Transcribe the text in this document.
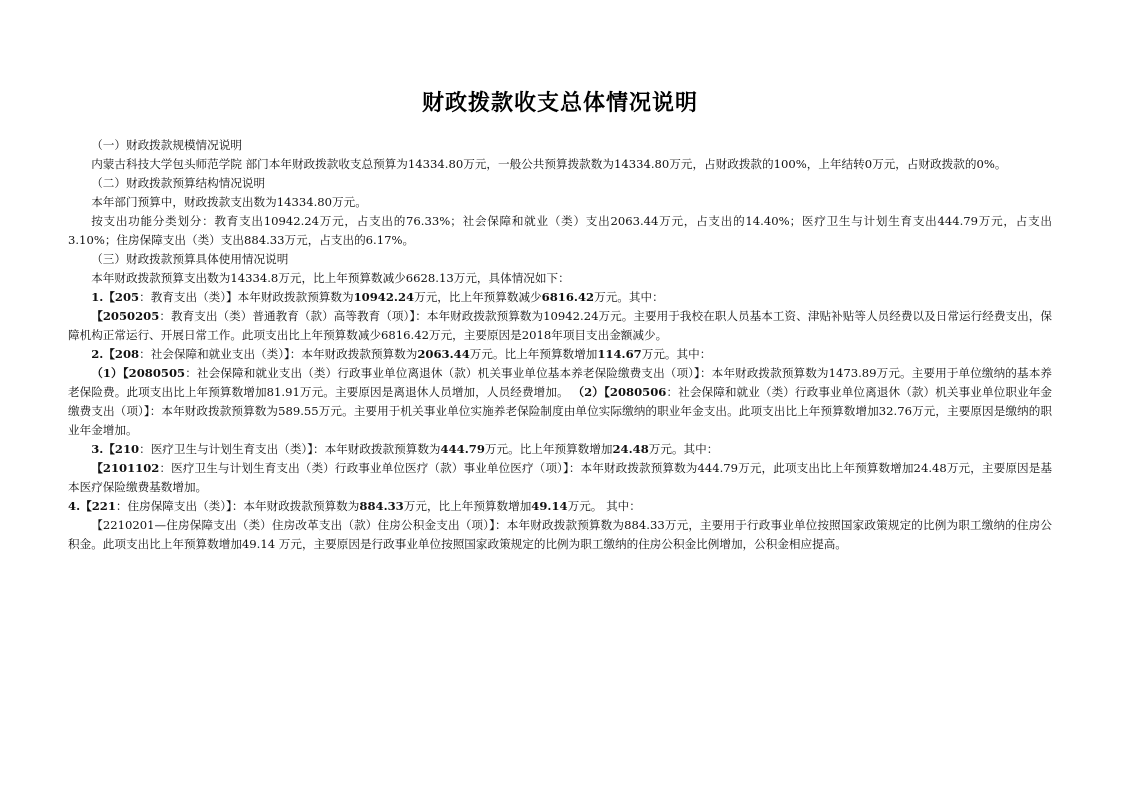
财政拨款收支总体情况说明

（一）财政拨款规模情况说明

内蒙古科技大学包头师范学院 部门本年财政拨款收支总预算为14334.80万元，一般公共预算拨款数为14334.80万元，占财政拨款的100%，上年结转0万元，占财政拨款的0%。

（二）财政拨款预算结构情况说明

本年部门预算中，财政拨款支出数为14334.80万元。

按支出功能分类划分：教育支出10942.24万元，占支出的76.33%；社会保障和就业（类）支出2063.44万元，占支出的14.40%；医疗卫生与计划生育支出444.79万元，占支出3.10%；住房保障支出（类）支出884.33万元，占支出的6.17%。

（三）财政拨款预算具体使用情况说明

本年财政拨款预算支出数为14334.8万元，比上年预算数减少6628.13万元，具体情况如下：

1.【205：教育支出（类）】本年财政拨款预算数为10942.24万元，比上年预算数减少6816.42万元。其中：

【2050205：教育支出（类）普通教育（款）高等教育（项）】：本年财政拨款预算数为10942.24万元。主要用于我校在职人员基本工资、津贴补贴等人员经费以及日常运行经费支出，保障机构正常运行、开展日常工作。此项支出比上年预算数减少6816.42万元，主要原因是2018年项目支出金额减少。

2.【208：社会保障和就业支出（类）】：本年财政拨款预算数为2063.44万元。比上年预算数增加114.67万元。其中：

（1）【2080505：社会保障和就业支出（类）行政事业单位离退休（款）机关事业单位基本养老保险缴费支出（项）】：本年财政拨款预算数为1473.89万元。主要用于单位缴纳的基本养老保险费。此项支出比上年预算数增加81.91万元。主要原因是离退休人员增加，人员经费增加。 （2）【2080506：社会保障和就业（类）行政事业单位离退休（款）机关事业单位职业年金缴费支出（项）】：本年财政拨款预算数为589.55万元。主要用于机关事业单位实施养老保险制度由单位实际缴纳的职业年金支出。此项支出比上年预算数增加32.76万元，主要原因是缴纳的职业年金增加。

3.【210：医疗卫生与计划生育支出（类）】：本年财政拨款预算数为444.79万元。比上年预算数增加24.48万元。其中：

【2101102：医疗卫生与计划生育支出（类）行政事业单位医疗（款）事业单位医疗（项）】：本年财政拨款预算数为444.79万元，此项支出比上年预算数增加24.48万元，主要原因是基本医疗保险缴费基数增加。

4.【221：住房保障支出（类）】：本年财政拨款预算数为884.33万元，比上年预算数增加49.14万元。 其中：

【2210201—住房保障支出（类）住房改革支出（款）住房公积金支出（项）】：本年财政拨款预算数为884.33万元，主要用于行政事业单位按照国家政策规定的比例为职工缴纳的住房公积金。此项支出比上年预算数增加49.14 万元，主要原因是行政事业单位按照国家政策规定的比例为职工缴纳的住房公积金比例增加，公积金相应提高。
